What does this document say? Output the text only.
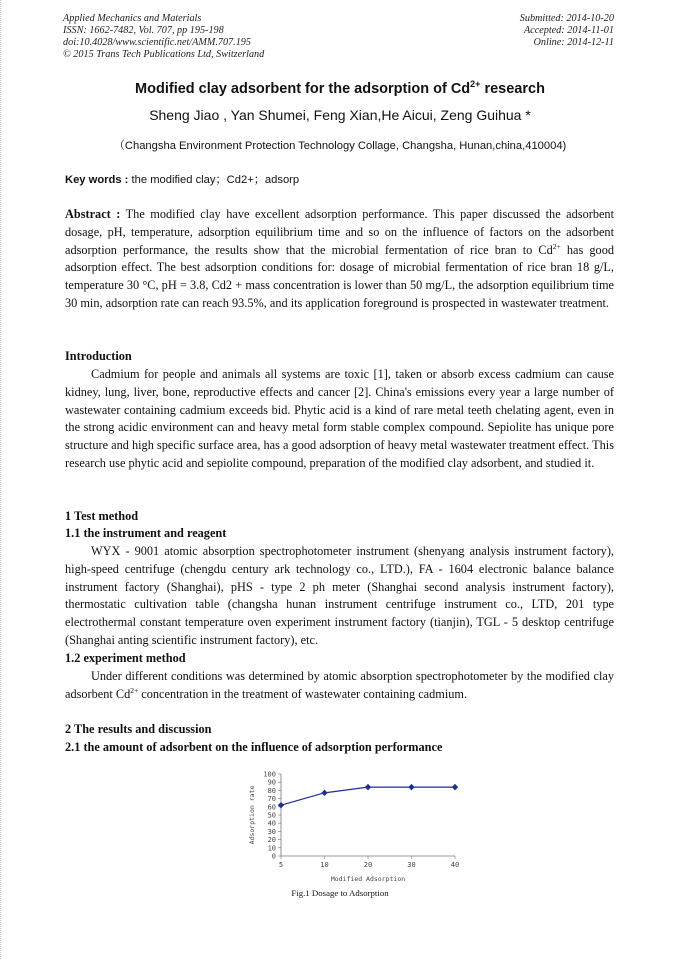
Applied Mechanics and Materials
ISSN: 1662-7482, Vol. 707, pp 195-198
doi:10.4028/www.scientific.net/AMM.707.195
© 2015 Trans Tech Publications Ltd, Switzerland
Submitted: 2014-10-20
Accepted: 2014-11-01
Online: 2014-12-11
Modified clay adsorbent for the adsorption of $Cd^{2+}$ research
Sheng Jiao , Yan Shumei, Feng Xian,He Aicui, Zeng Guihua *
（Changsha Environment Protection Technology Collage, Changsha, Hunan,china,410004)
Key words : the modified clay；Cd2+；adsorp
Abstract : The modified clay have excellent adsorption performance. This paper discussed the adsorbent dosage, pH, temperature, adsorption equilibrium time and so on the influence of factors on the adsorbent adsorption performance, the results show that the microbial fermentation of rice bran to $Cd^{2+}$ has good adsorption effect. The best adsorption conditions for: dosage of microbial fermentation of rice bran 18 g/L, temperature 30 °C, pH = 3.8, Cd2 + mass concentration is lower than 50 mg/L, the adsorption equilibrium time 30 min, adsorption rate can reach 93.5%, and its application foreground is prospected in wastewater treatment.
Introduction
Cadmium for people and animals all systems are toxic [1], taken or absorb excess cadmium can cause kidney, lung, liver, bone, reproductive effects and cancer [2]. China's emissions every year a large number of wastewater containing cadmium exceeds bid. Phytic acid is a kind of rare metal teeth chelating agent, even in the strong acidic environment can and heavy metal form stable complex compound. Sepiolite has unique pore structure and high specific surface area, has a good adsorption of heavy metal wastewater treatment effect. This research use phytic acid and sepiolite compound, preparation of the modified clay adsorbent, and studied it.
1 Test method
1.1 the instrument and reagent
WYX - 9001 atomic absorption spectrophotometer instrument (shenyang analysis instrument factory), high-speed centrifuge (chengdu century ark technology co., LTD.), FA - 1604 electronic balance balance instrument factory (Shanghai), pHS - type 2 ph meter (Shanghai second analysis instrument factory), thermostatic cultivation table (changsha hunan instrument centrifuge instrument co., LTD, 201 type electrothermal constant temperature oven experiment instrument factory (tianjin), TGL - 5 desktop centrifuge (Shanghai anting scientific instrument factory), etc.
1.2 experiment method
Under different conditions was determined by atomic absorption spectrophotometer by the modified clay adsorbent $Cd^{2+}$ concentration in the treatment of wastewater containing cadmium.
2 The results and discussion
2.1 the amount of adsorbent on the influence of adsorption performance
0
10
20
30
40
50
60
70
80
90
100
5	10	20	30	40
Modified Adsorption
Adsorption rate
Fig.1 Dosage to Adsorption
